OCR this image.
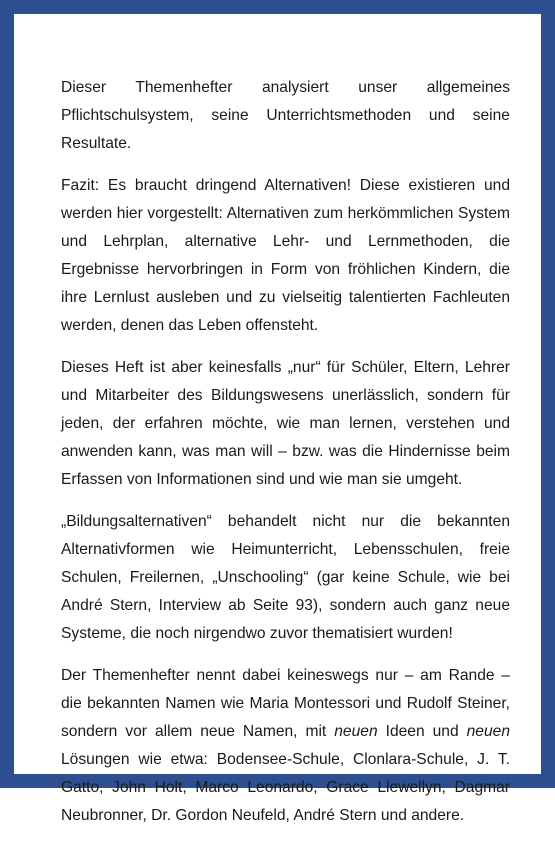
Dieser Themenhefter analysiert unser allgemeines Pflichtschulsystem, seine Unterrichtsmethoden und seine Resultate.

Fazit: Es braucht dringend Alternativen! Diese existieren und werden hier vorgestellt: Alternativen zum herkömmlichen System und Lehrplan, alternative Lehr- und Lernmethoden, die Ergebnisse hervorbringen in Form von fröhlichen Kindern, die ihre Lernlust ausleben und zu vielseitig talentierten Fachleuten werden, denen das Leben offensteht.

Dieses Heft ist aber keinesfalls „nur“ für Schüler, Eltern, Lehrer und Mitarbeiter des Bildungswesens unerlässlich, sondern für jeden, der erfahren möchte, wie man lernen, verstehen und anwenden kann, was man will – bzw. was die Hindernisse beim Erfassen von Informationen sind und wie man sie umgeht.

„Bildungsalternativen“ behandelt nicht nur die bekannten Alternativformen wie Heimunterricht, Lebensschulen, freie Schulen, Freilernen, „Unschooling“ (gar keine Schule, wie bei André Stern, Interview ab Seite 93), sondern auch ganz neue Systeme, die noch nirgendwo zuvor thematisiert wurden!

Der Themenhefter nennt dabei keineswegs nur – am Rande – die bekannten Namen wie Maria Montessori und Rudolf Steiner, sondern vor allem neue Namen, mit neuen Ideen und neuen Lösungen wie etwa: Bodensee-Schule, Clonlara-Schule, J. T. Gatto, John Holt, Marco Leonardo, Grace Llewellyn, Dagmar Neubronner, Dr. Gordon Neufeld, André Stern und andere.
